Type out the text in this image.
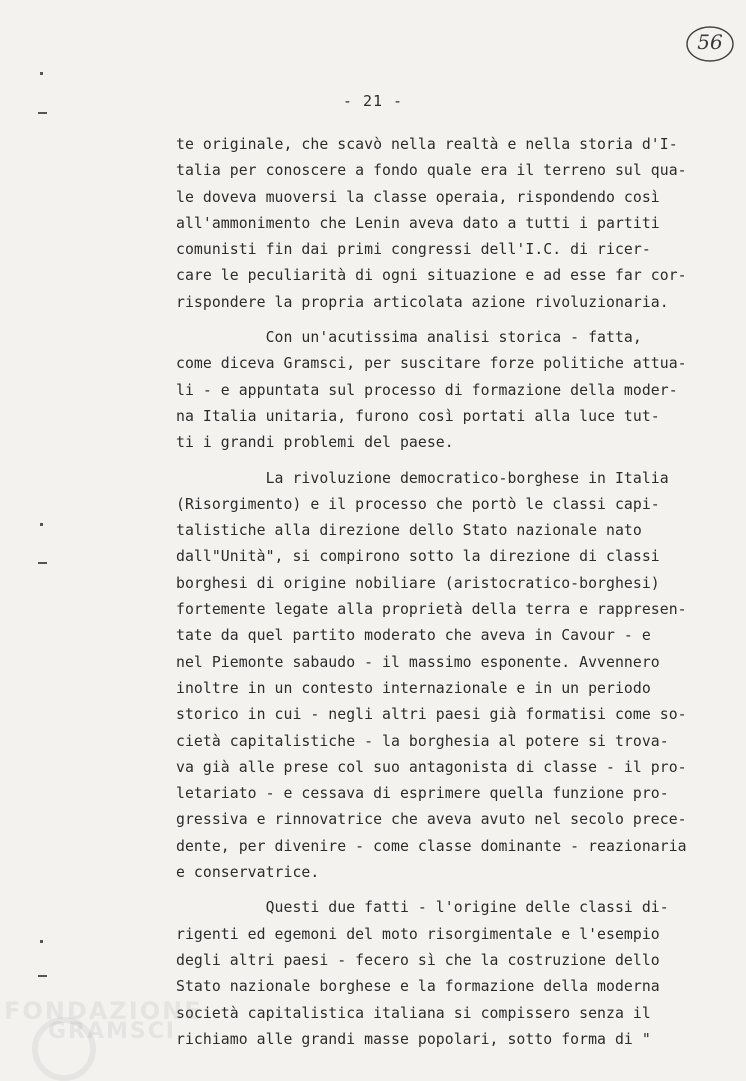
56
- 21 -
te originale, che scavò nella realtà e nella storia d'I-
talia per conoscere a fondo quale era il terreno sul qua-
le doveva muoversi la classe operaia, rispondendo così
all'ammonimento che Lenin aveva dato a tutti i partiti
comunisti fin dai primi congressi dell'I.C. di ricer-
care le peculiarità di ogni situazione e ad esse far cor-
rispondere la propria articolata azione rivoluzionaria.
Con un'acutissima analisi storica - fatta,
come diceva Gramsci, per suscitare forze politiche attua-
li - e appuntata sul processo di formazione della moder-
na Italia unitaria, furono così portati alla luce tut-
ti i grandi problemi del paese.
La rivoluzione democratico-borghese in Italia
(Risorgimento) e il processo che portò le classi capi-
talistiche alla direzione dello Stato nazionale nato
dall"Unità", si compirono sotto la direzione di classi
borghesi di origine nobiliare (aristocratico-borghesi)
fortemente legate alla proprietà della terra e rappresen-
tate da quel partito moderato che aveva in Cavour - e
nel Piemonte sabaudo - il massimo esponente. Avvennero
inoltre in un contesto internazionale e in un periodo
storico in cui - negli altri paesi già formatisi come so-
cietà capitalistiche - la borghesia al potere si trova-
va già alle prese col suo antagonista di classe - il pro-
letariato - e cessava di esprimere quella funzione pro-
gressiva e rinnovatrice che aveva avuto nel secolo prece-
dente, per divenire - come classe dominante - reazionaria
e conservatrice.
Questi due fatti - l'origine delle classi di-
rigenti ed egemoni del moto risorgimentale e l'esempio
degli altri paesi - fecero sì che la costruzione dello
Stato nazionale borghese e la formazione della moderna
società capitalistica italiana si compissero senza il
richiamo alle grandi masse popolari, sotto forma di "
FONDAZIONE
GRAMSCI
